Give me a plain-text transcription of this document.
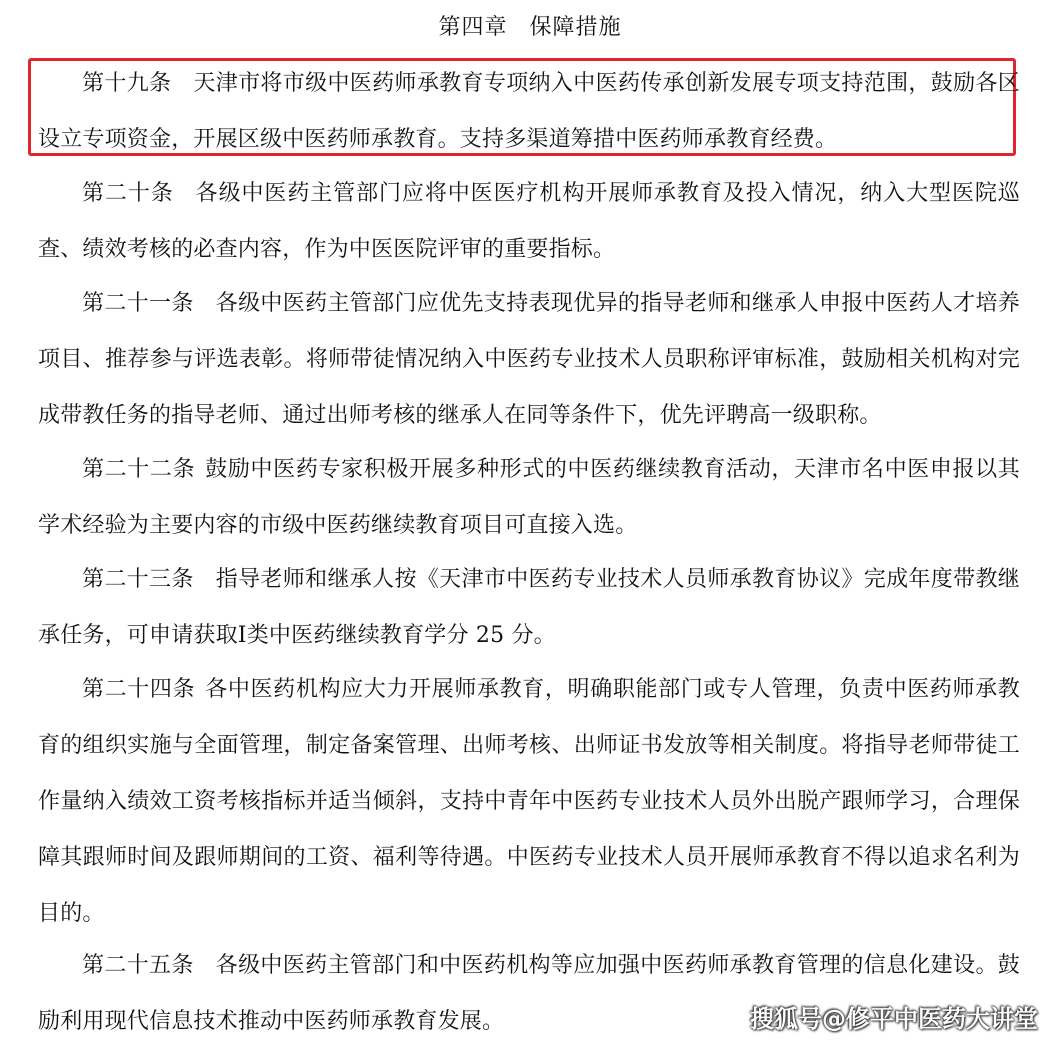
第四章 保障措施

第十九条 天津市将市级中医药师承教育专项纳入中医药传承创新发展专项支持范围，鼓励各区设立专项资金，开展区级中医药师承教育。支持多渠道筹措中医药师承教育经费。

第二十条 各级中医药主管部门应将中医医疗机构开展师承教育及投入情况，纳入大型医院巡查、绩效考核的必查内容，作为中医医院评审的重要指标。

第二十一条 各级中医药主管部门应优先支持表现优异的指导老师和继承人申报中医药人才培养项目、推荐参与评选表彰。将师带徒情况纳入中医药专业技术人员职称评审标准，鼓励相关机构对完成带教任务的指导老师、通过出师考核的继承人在同等条件下，优先评聘高一级职称。

第二十二条 鼓励中医药专家积极开展多种形式的中医药继续教育活动，天津市名中医申报以其学术经验为主要内容的市级中医药继续教育项目可直接入选。

第二十三条 指导老师和继承人按《天津市中医药专业技术人员师承教育协议》完成年度带教继承任务，可申请获取Ⅰ类中医药继续教育学分 25 分。

第二十四条 各中医药机构应大力开展师承教育，明确职能部门或专人管理，负责中医药师承教育的组织实施与全面管理，制定备案管理、出师考核、出师证书发放等相关制度。将指导老师带徒工作量纳入绩效工资考核指标并适当倾斜，支持中青年中医药专业技术人员外出脱产跟师学习，合理保障其跟师时间及跟师期间的工资、福利等待遇。中医药专业技术人员开展师承教育不得以追求名利为目的。

第二十五条 各级中医药主管部门和中医药机构等应加强中医药师承教育管理的信息化建设。鼓励利用现代信息技术推动中医药师承教育发展。	搜狐号@修平中医药大讲堂
